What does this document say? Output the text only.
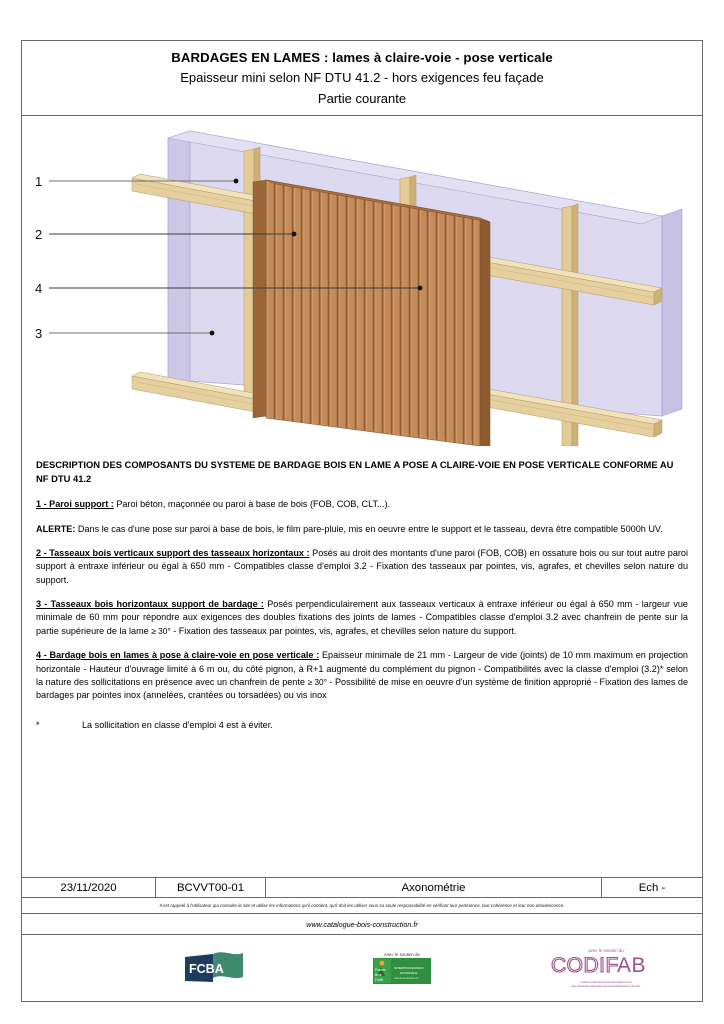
BARDAGES EN LAMES : lames à claire-voie - pose verticale
Epaisseur mini selon NF DTU 41.2 - hors exigences feu façade
Partie courante
1
2
4
3
DESCRIPTION DES COMPOSANTS DU SYSTEME DE BARDAGE BOIS EN LAME A POSE A CLAIRE-VOIE EN POSE VERTICALE CONFORME AU NF DTU 41.2

1 - Paroi support : Paroi béton, maçonnée ou paroi à base de bois (FOB, COB, CLT...).

ALERTE: Dans le cas d'une pose sur paroi à base de bois, le film pare-pluie, mis en oeuvre entre le support et le tasseau, devra être compatible 5000h UV.

2 - Tasseaux bois verticaux support des tasseaux horizontaux : Posés au droit des montants d'une paroi (FOB, COB) en ossature bois ou sur tout autre paroi support à entraxe inférieur ou égal à 650 mm - Compatibles classe d'emploi 3.2 - Fixation des tasseaux par pointes, vis, agrafes, et chevilles selon nature du support.

3 - Tasseaux bois horizontaux support de bardage : Posés perpendiculairement aux tasseaux verticaux à entraxe inférieur ou égal à 650 mm - largeur vue minimale de 60 mm pour répondre aux exigences des doubles fixations des joints de lames - Compatibles classe d'emploi 3.2 avec chanfrein de pente sur la partie supérieure de la lame ≥ 30° - Fixation des tasseaux par pointes, vis, agrafes, et chevilles selon nature du support.

4 - Bardage bois en lames à pose à claire-voie en pose verticale : Epaisseur minimale de 21 mm - Largeur de vide (joints) de 10 mm maximum en projection horizontale - Hauteur d'ouvrage limité à 6 m ou, du côté pignon, à R+1 augmenté du complément du pignon - Compatibilités avec la classe d'emploi (3.2)* selon la nature des sollicitations en présence avec un chanfrein de pente ≥ 30° - Possibilité de mise en oeuvre d'un système de finition approprié - Fixation des lames de bardages par pointes inox (annelées, crantées ou torsadées) ou vis inox

*	La sollicitation en classe d'emploi 4 est à éviter.
23/11/2020	BCVVT00-01	Axonométrie	Ech -
Il est rappelé à l'utilisateur qui consulte le site et utilise les informations qu'il contient, qu'il doit les utiliser sous sa seule responsabilité en vérifiant leur pertinence, leur cohérence et leur non obsolescence.
www.catalogue-bois-construction.fr
FCBA
Avec le soutien de
France
Bois
Forêt
INTERPROFESSION
NATIONALE
www.franceboisforet.fr
avec le soutien du
CODIF
AB
centre professionnel de développement
des industries françaises de l'ameublement et du bois
